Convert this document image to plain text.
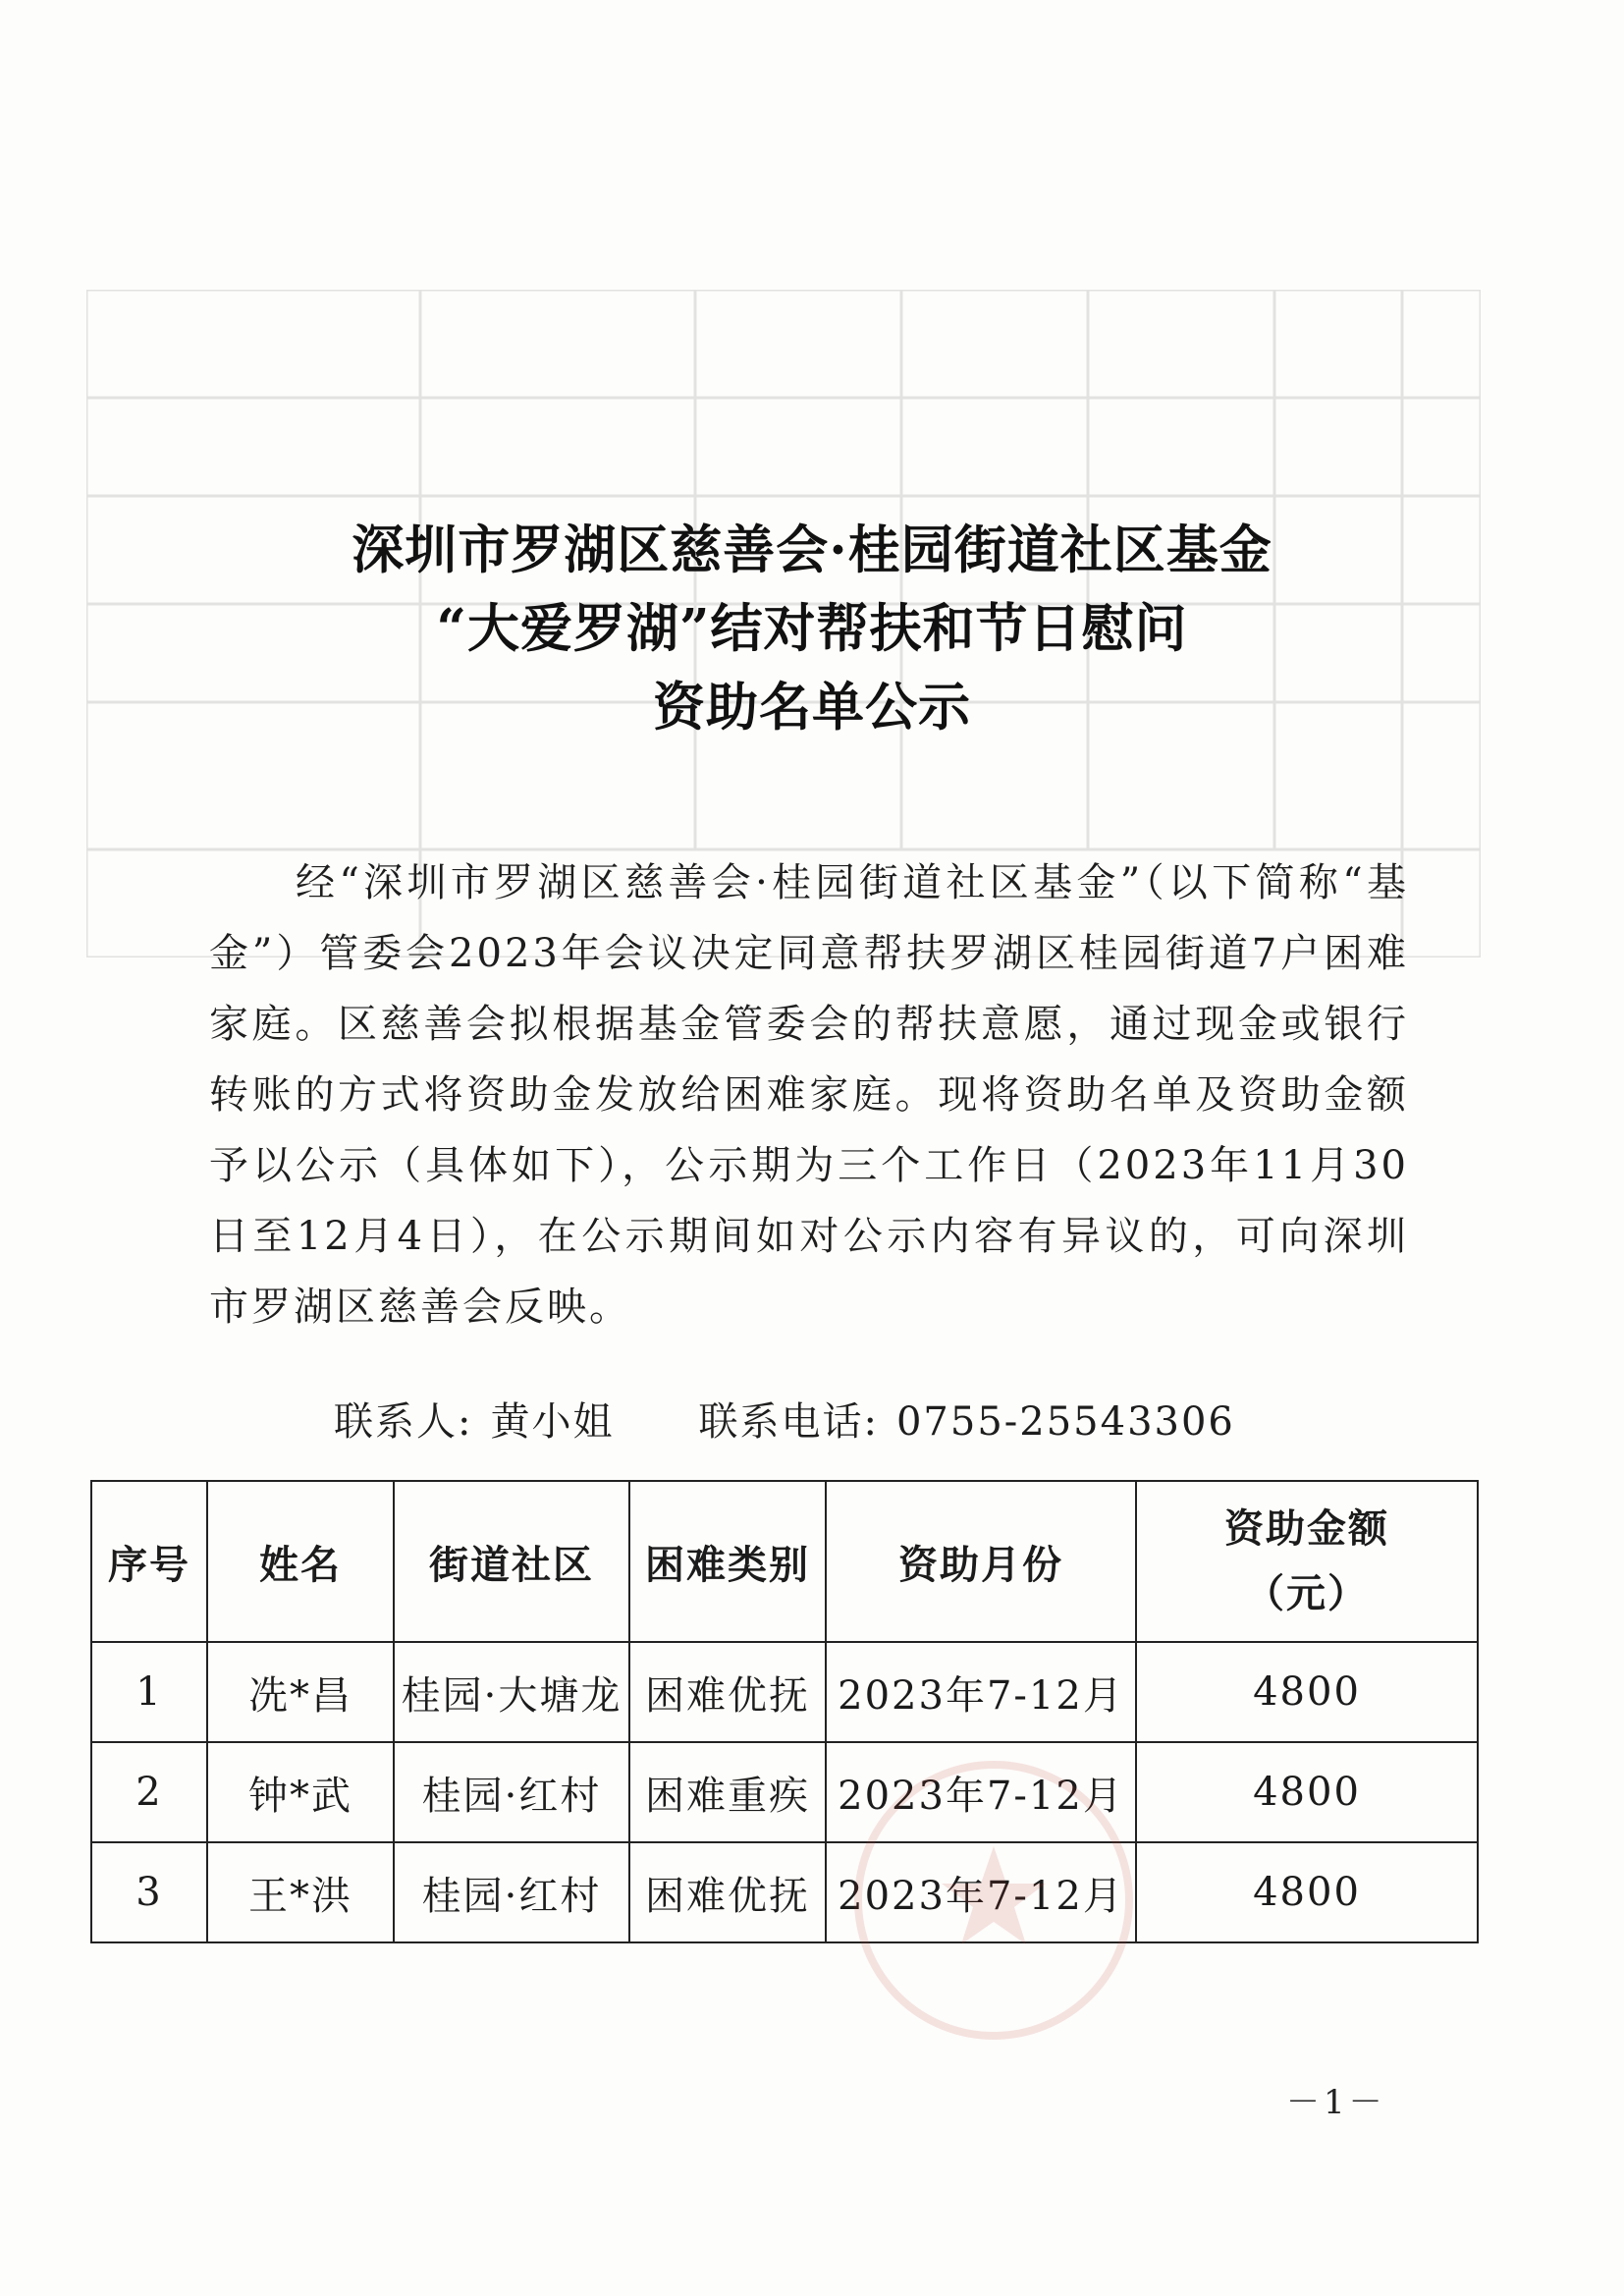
深圳市罗湖区慈善会·桂园街道社区基金
“大爱罗湖”结对帮扶和节日慰问
资助名单公示

经“深圳市罗湖区慈善会·桂园街道社区基金”（以下简称“基金”）管委会2023年会议决定同意帮扶罗湖区桂园街道7户困难家庭。区慈善会拟根据基金管委会的帮扶意愿，通过现金或银行转账的方式将资助金发放给困难家庭。现将资助名单及资助金额予以公示（具体如下），公示期为三个工作日（2023年11月30日至12月4日），在公示期间如对公示内容有异议的，可向深圳市罗湖区慈善会反映。

联系人: 黄小姐 联系电话: 0755-25543306
序号	姓名	街道社区	困难类别	资助月份	资助金额
（元）

1	冼*昌	桂园·大塘龙	困难优抚	2023年7-12月	4800
2	钟*武	桂园·红村	困难重疾	2023年7-12月	4800
3	王*洪	桂园·红村	困难优抚	2023年7-12月	4800
－1－
